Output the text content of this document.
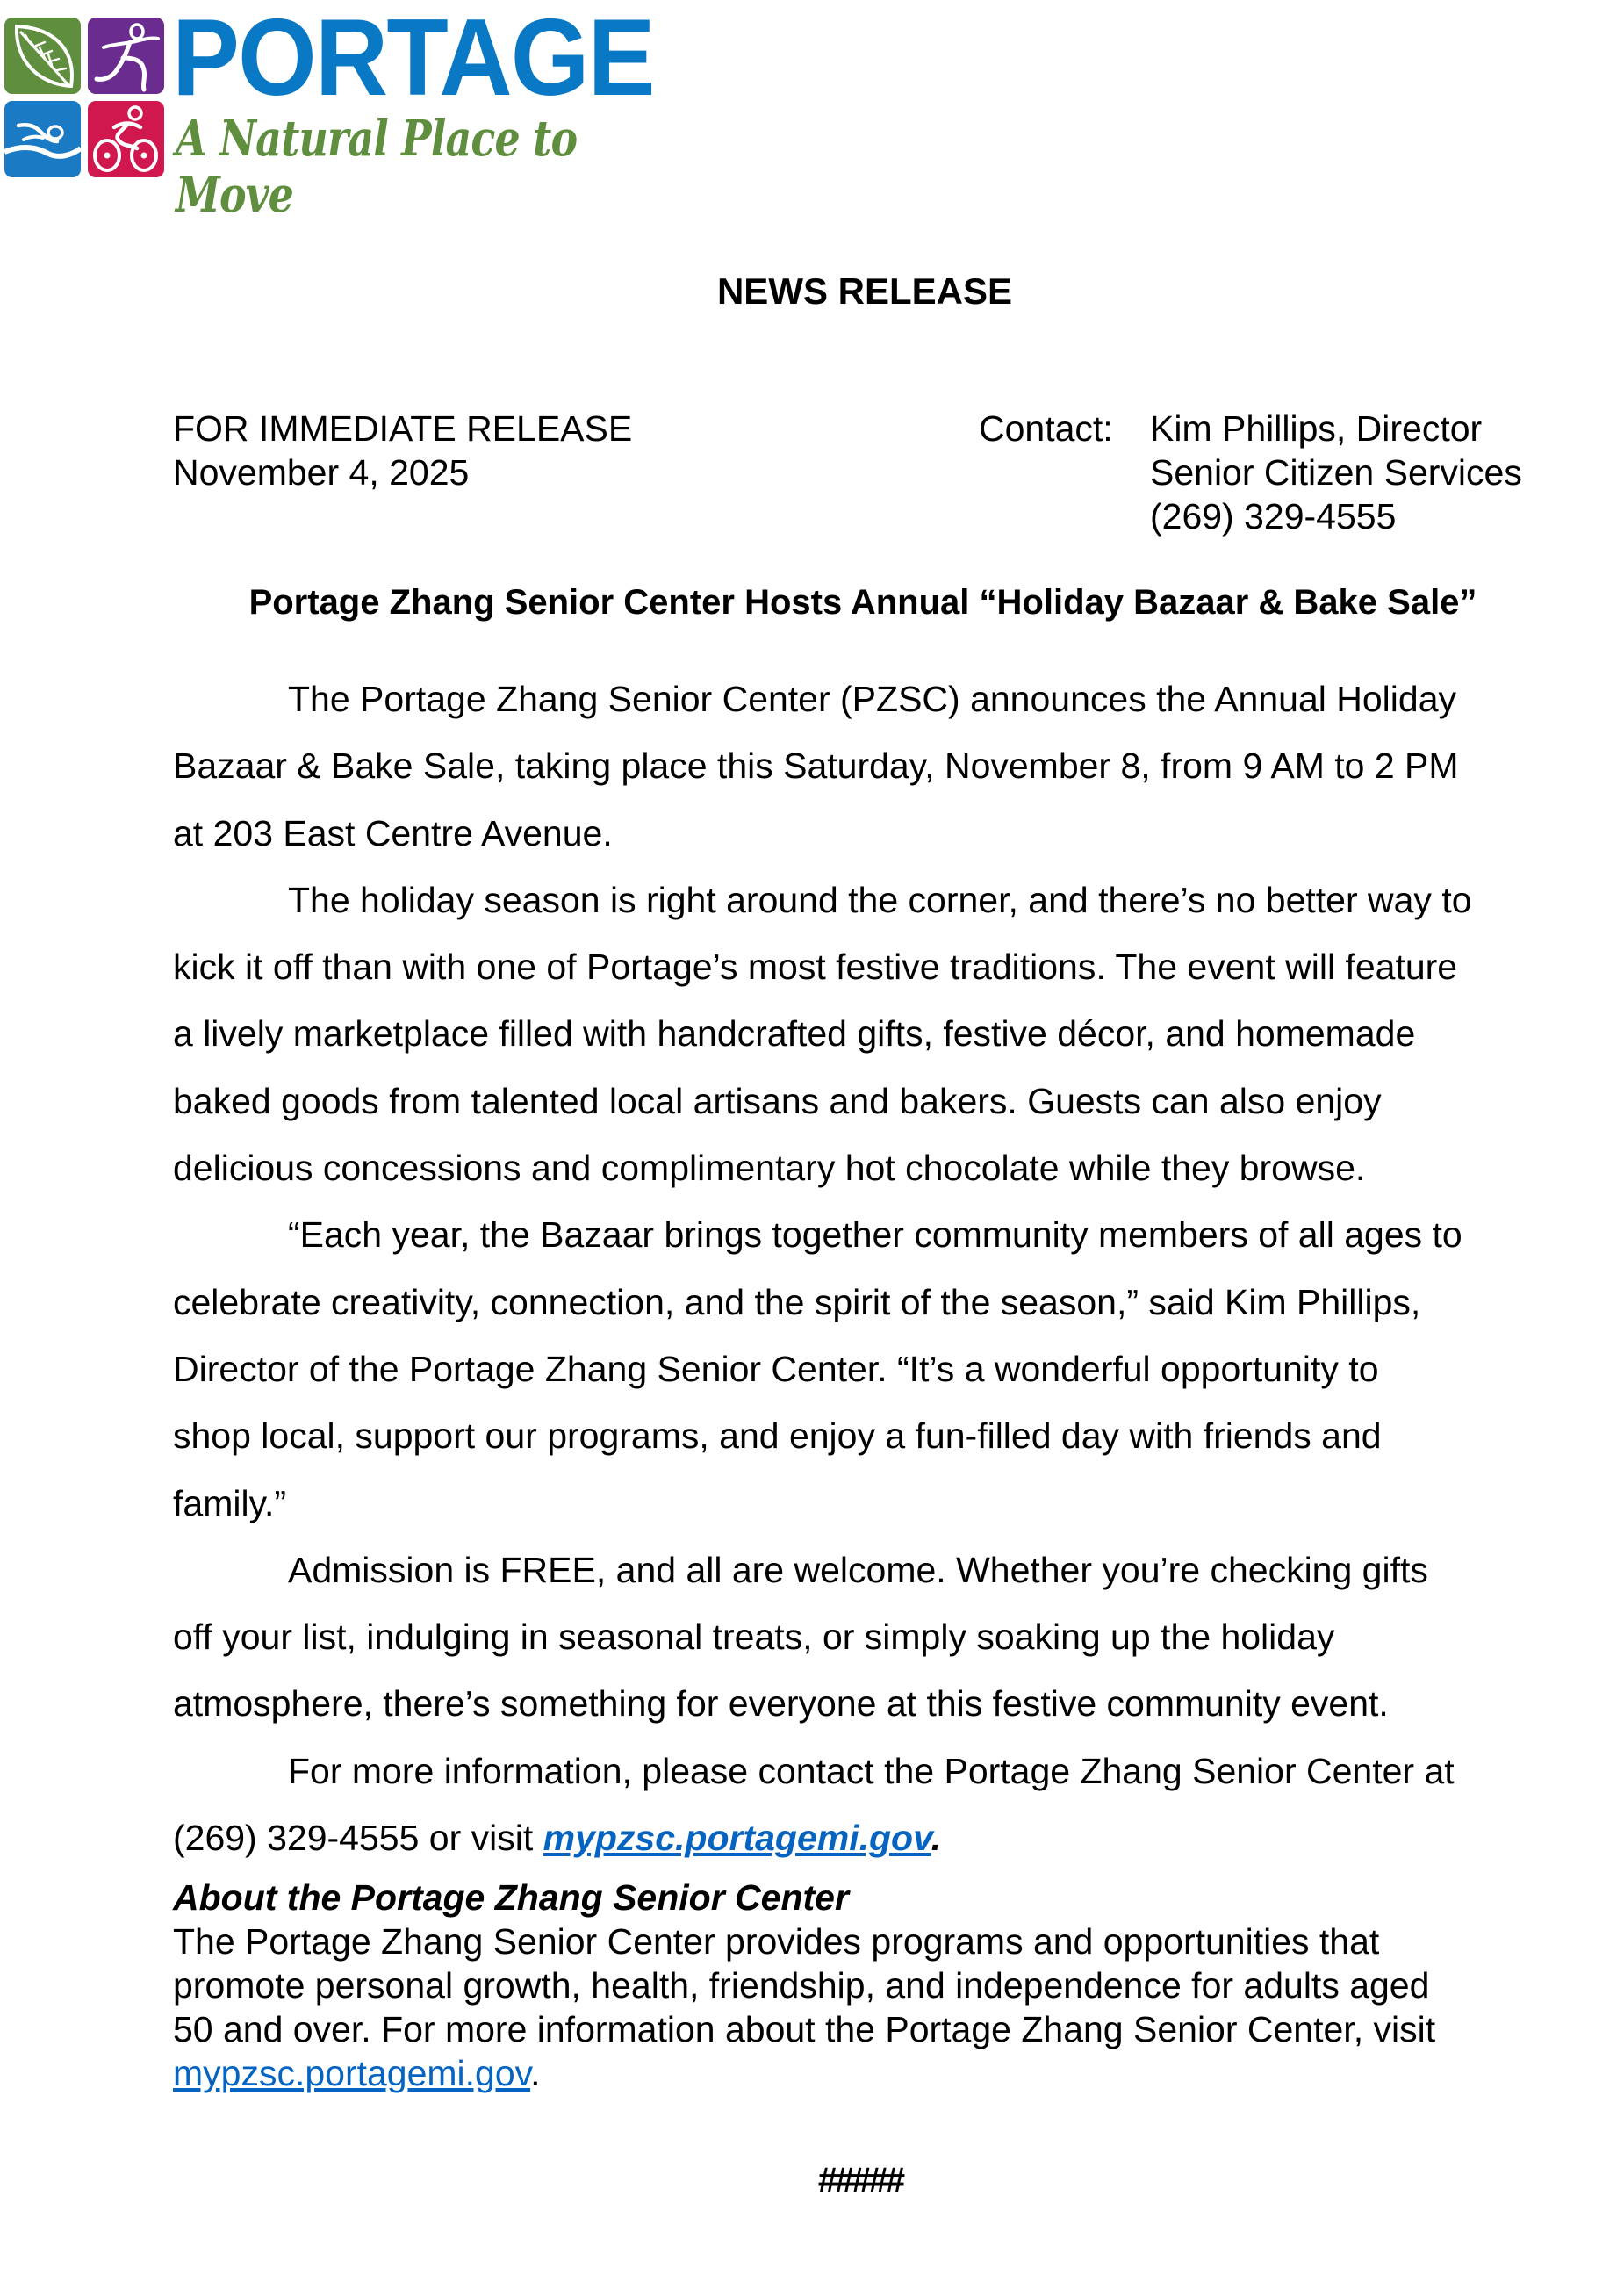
PORTAGE
A Natural Place to Move
NEWS RELEASE
FOR IMMEDIATE RELEASE
November 4, 2025
Contact: Kim Phillips, Director
Senior Citizen Services
(269) 329-4555
Portage Zhang Senior Center Hosts Annual “Holiday Bazaar & Bake Sale”
The Portage Zhang Senior Center (PZSC) announces the Annual Holiday
Bazaar & Bake Sale, taking place this Saturday, November 8, from 9 AM to 2 PM
at 203 East Centre Avenue.
The holiday season is right around the corner, and there’s no better way to
kick it off than with one of Portage’s most festive traditions. The event will feature
a lively marketplace filled with handcrafted gifts, festive décor, and homemade
baked goods from talented local artisans and bakers. Guests can also enjoy
delicious concessions and complimentary hot chocolate while they browse.
“Each year, the Bazaar brings together community members of all ages to
celebrate creativity, connection, and the spirit of the season,” said Kim Phillips,
Director of the Portage Zhang Senior Center. “It’s a wonderful opportunity to
shop local, support our programs, and enjoy a fun-filled day with friends and
family.”
Admission is FREE, and all are welcome. Whether you’re checking gifts
off your list, indulging in seasonal treats, or simply soaking up the holiday
atmosphere, there’s something for everyone at this festive community event.
For more information, please contact the Portage Zhang Senior Center at
(269) 329-4555 or visit mypzsc.portagemi.gov.
About the Portage Zhang Senior Center
The Portage Zhang Senior Center provides programs and opportunities that
promote personal growth, health, friendship, and independence for adults aged
50 and over. For more information about the Portage Zhang Senior Center, visit
mypzsc.portagemi.gov.
#####
